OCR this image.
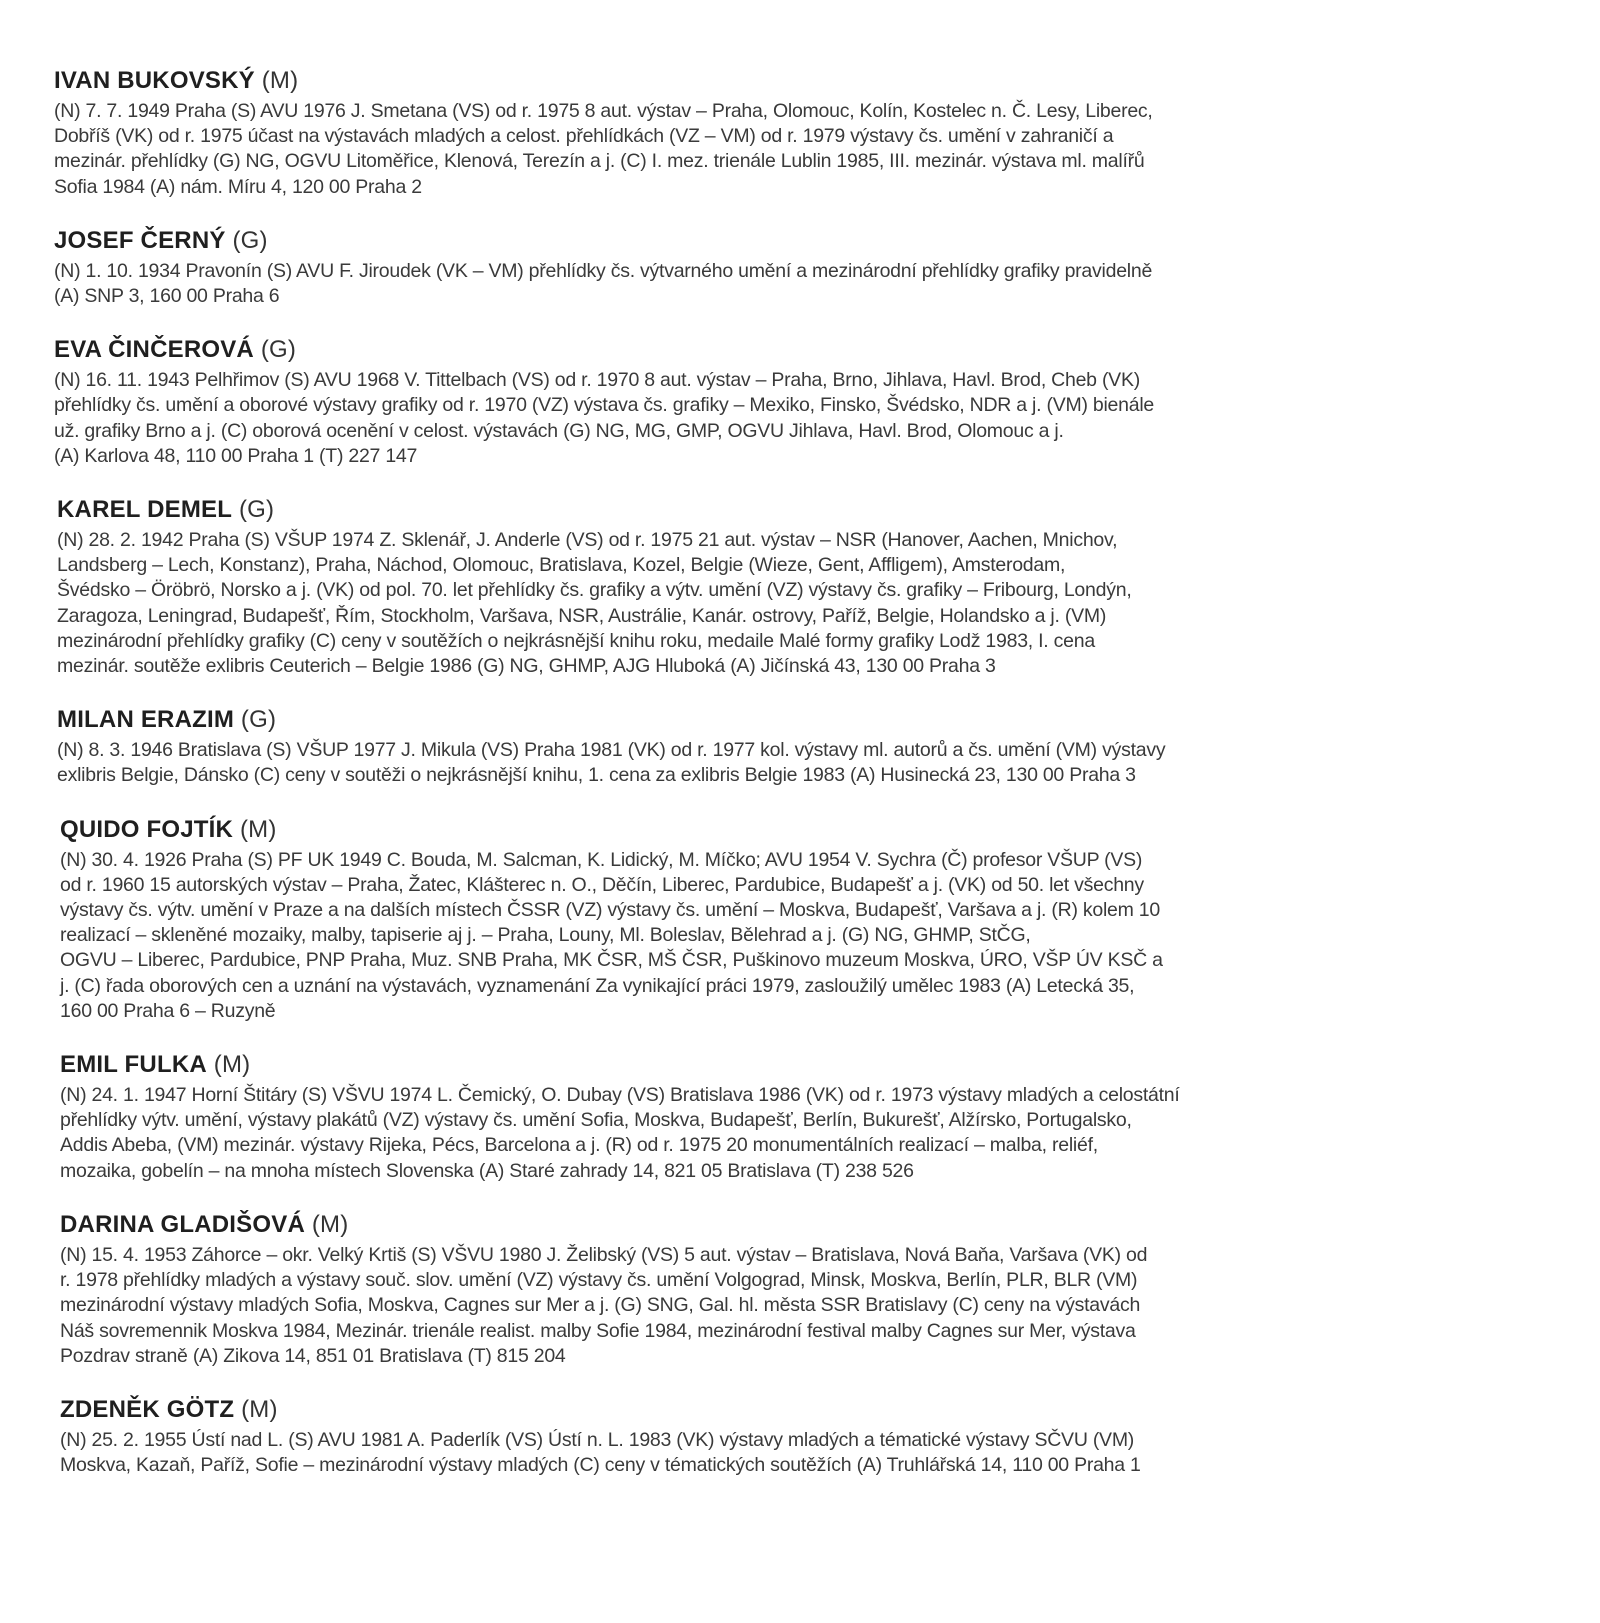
IVAN BUKOVSKÝ (M)

(N) 7. 7. 1949 Praha (S) AVU 1976 J. Smetana (VS) od r. 1975 8 aut. výstav – Praha, Olomouc, Kolín, Kostelec n. Č. Lesy, Liberec,
Dobříš (VK) od r. 1975 účast na výstavách mladých a celost. přehlídkách (VZ – VM) od r. 1979 výstavy čs. umění v zahraničí a
mezinár. přehlídky (G) NG, OGVU Litoměřice, Klenová, Terezín a j. (C) I. mez. trienále Lublin 1985, III. mezinár. výstava ml. malířů
Sofia 1984 (A) nám. Míru 4, 120 00 Praha 2

JOSEF ČERNÝ (G)

(N) 1. 10. 1934 Pravonín (S) AVU F. Jiroudek (VK – VM) přehlídky čs. výtvarného umění a mezinárodní přehlídky grafiky pravidelně
(A) SNP 3, 160 00 Praha 6

EVA ČINČEROVÁ (G)

(N) 16. 11. 1943 Pelhřimov (S) AVU 1968 V. Tittelbach (VS) od r. 1970 8 aut. výstav – Praha, Brno, Jihlava, Havl. Brod, Cheb (VK)
přehlídky čs. umění a oborové výstavy grafiky od r. 1970 (VZ) výstava čs. grafiky – Mexiko, Finsko, Švédsko, NDR a j. (VM) bienále
už. grafiky Brno a j. (C) oborová ocenění v celost. výstavách (G) NG, MG, GMP, OGVU Jihlava, Havl. Brod, Olomouc a j.
(A) Karlova 48, 110 00 Praha 1 (T) 227 147

KAREL DEMEL (G)

(N) 28. 2. 1942 Praha (S) VŠUP 1974 Z. Sklenář, J. Anderle (VS) od r. 1975 21 aut. výstav – NSR (Hanover, Aachen, Mnichov,
Landsberg – Lech, Konstanz), Praha, Náchod, Olomouc, Bratislava, Kozel, Belgie (Wieze, Gent, Affligem), Amsterodam,
Švédsko – Öröbrö, Norsko a j. (VK) od pol. 70. let přehlídky čs. grafiky a výtv. umění (VZ) výstavy čs. grafiky – Fribourg, Londýn,
Zaragoza, Leningrad, Budapešť, Řím, Stockholm, Varšava, NSR, Austrálie, Kanár. ostrovy, Paříž, Belgie, Holandsko a j. (VM)
mezinárodní přehlídky grafiky (C) ceny v soutěžích o nejkrásnější knihu roku, medaile Malé formy grafiky Lodž 1983, I. cena
mezinár. soutěže exlibris Ceuterich – Belgie 1986 (G) NG, GHMP, AJG Hluboká (A) Jičínská 43, 130 00 Praha 3

MILAN ERAZIM (G)

(N) 8. 3. 1946 Bratislava (S) VŠUP 1977 J. Mikula (VS) Praha 1981 (VK) od r. 1977 kol. výstavy ml. autorů a čs. umění (VM) výstavy
exlibris Belgie, Dánsko (C) ceny v soutěži o nejkrásnější knihu, 1. cena za exlibris Belgie 1983 (A) Husinecká 23, 130 00 Praha 3

QUIDO FOJTÍK (M)

(N) 30. 4. 1926 Praha (S) PF UK 1949 C. Bouda, M. Salcman, K. Lidický, M. Míčko; AVU 1954 V. Sychra (Č) profesor VŠUP (VS)
od r. 1960 15 autorských výstav – Praha, Žatec, Klášterec n. O., Děčín, Liberec, Pardubice, Budapešť a j. (VK) od 50. let všechny
výstavy čs. výtv. umění v Praze a na dalších místech ČSSR (VZ) výstavy čs. umění – Moskva, Budapešť, Varšava a j. (R) kolem 10
realizací – skleněné mozaiky, malby, tapiserie aj j. – Praha, Louny, Ml. Boleslav, Bělehrad a j. (G) NG, GHMP, StČG,
OGVU – Liberec, Pardubice, PNP Praha, Muz. SNB Praha, MK ČSR, MŠ ČSR, Puškinovo muzeum Moskva, ÚRO, VŠP ÚV KSČ a
j. (C) řada oborových cen a uznání na výstavách, vyznamenání Za vynikající práci 1979, zasloužilý umělec 1983 (A) Letecká 35,
160 00 Praha 6 – Ruzyně

EMIL FULKA (M)

(N) 24. 1. 1947 Horní Štitáry (S) VŠVU 1974 L. Čemický, O. Dubay (VS) Bratislava 1986 (VK) od r. 1973 výstavy mladých a celostátní
přehlídky výtv. umění, výstavy plakátů (VZ) výstavy čs. umění Sofia, Moskva, Budapešť, Berlín, Bukurešť, Alžírsko, Portugalsko,
Addis Abeba, (VM) mezinár. výstavy Rijeka, Pécs, Barcelona a j. (R) od r. 1975 20 monumentálních realizací – malba, reliéf,
mozaika, gobelín – na mnoha místech Slovenska (A) Staré zahrady 14, 821 05 Bratislava (T) 238 526

DARINA GLADIŠOVÁ (M)

(N) 15. 4. 1953 Záhorce – okr. Velký Krtiš (S) VŠVU 1980 J. Želibský (VS) 5 aut. výstav – Bratislava, Nová Baňa, Varšava (VK) od
r. 1978 přehlídky mladých a výstavy souč. slov. umění (VZ) výstavy čs. umění Volgograd, Minsk, Moskva, Berlín, PLR, BLR (VM)
mezinárodní výstavy mladých Sofia, Moskva, Cagnes sur Mer a j. (G) SNG, Gal. hl. města SSR Bratislavy (C) ceny na výstavách
Náš sovremennik Moskva 1984, Mezinár. trienále realist. malby Sofie 1984, mezinárodní festival malby Cagnes sur Mer, výstava
Pozdrav straně (A) Zikova 14, 851 01 Bratislava (T) 815 204

ZDENĚK GÖTZ (M)

(N) 25. 2. 1955 Ústí nad L. (S) AVU 1981 A. Paderlík (VS) Ústí n. L. 1983 (VK) výstavy mladých a tématické výstavy SČVU (VM)
Moskva, Kazaň, Paříž, Sofie – mezinárodní výstavy mladých (C) ceny v tématických soutěžích (A) Truhlářská 14, 110 00 Praha 1
